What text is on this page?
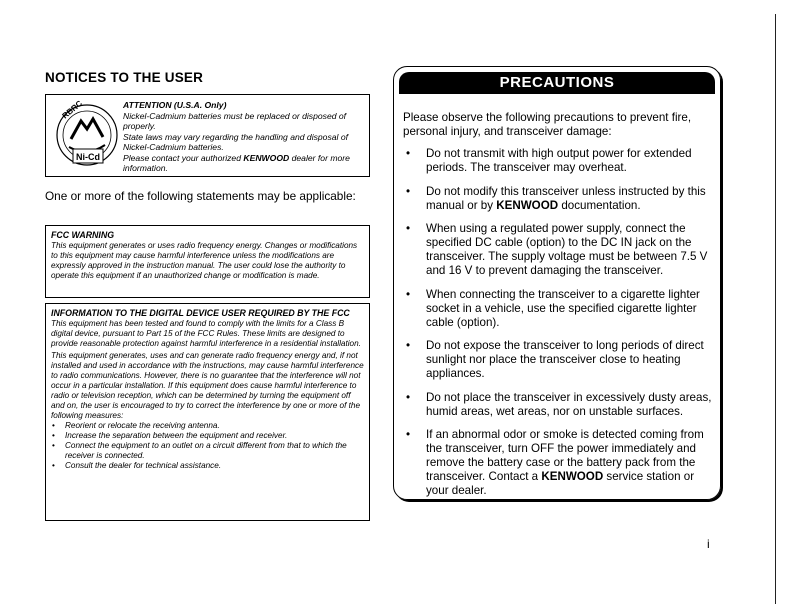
NOTICES TO THE USER
Ni-Cd
RBRC	ATTENTION (U.S.A. Only)
Nickel-Cadmium batteries must be replaced or disposed of properly.
State laws may vary regarding the handling and disposal of Nickel-Cadmium batteries.
Please contact your authorized KENWOOD dealer for more information.
One or more of the following statements may be applicable:
FCC WARNING
This equipment generates or uses radio frequency energy. Changes or modifications to this equipment may cause harmful interference unless the modifications are expressly approved in the instruction manual. The user could lose the authority to operate this equipment if an unauthorized change or modification is made.
INFORMATION TO THE DIGITAL DEVICE USER REQUIRED BY THE FCC

This equipment has been tested and found to comply with the limits for a Class B digital device, pursuant to Part 15 of the FCC Rules. These limits are designed to provide reasonable protection against harmful interference in a residential installation.

This equipment generates, uses and can generate radio frequency energy and, if not installed and used in accordance with the instructions, may cause harmful interference to radio communications. However, there is no guarantee that the interference will not occur in a particular installation. If this equipment does cause harmful interference to radio or television reception, which can be determined by turning the equipment off and on, the user is encouraged to try to correct the interference by one or more of the following measures:

• Reorient or relocate the receiving antenna.
• Increase the separation between the equipment and receiver.
• Connect the equipment to an outlet on a circuit different from that to which the receiver is connected.
• Consult the dealer for technical assistance.
PRECAUTIONS
Please observe the following precautions to prevent fire, personal injury, and transceiver damage:
• Do not transmit with high output power for extended periods. The transceiver may overheat.
• Do not modify this transceiver unless instructed by this manual or by KENWOOD documentation.
• When using a regulated power supply, connect the specified DC cable (option) to the DC IN jack on the transceiver. The supply voltage must be between 7.5 V and 16 V to prevent damaging the transceiver.
• When connecting the transceiver to a cigarette lighter socket in a vehicle, use the specified cigarette lighter cable (option).
• Do not expose the transceiver to long periods of direct sunlight nor place the transceiver close to heating appliances.
• Do not place the transceiver in excessively dusty areas, humid areas, wet areas, nor on unstable surfaces.
• If an abnormal odor or smoke is detected coming from the transceiver, turn OFF the power immediately and remove the battery case or the battery pack from the transceiver. Contact a KENWOOD service station or your dealer.
i
